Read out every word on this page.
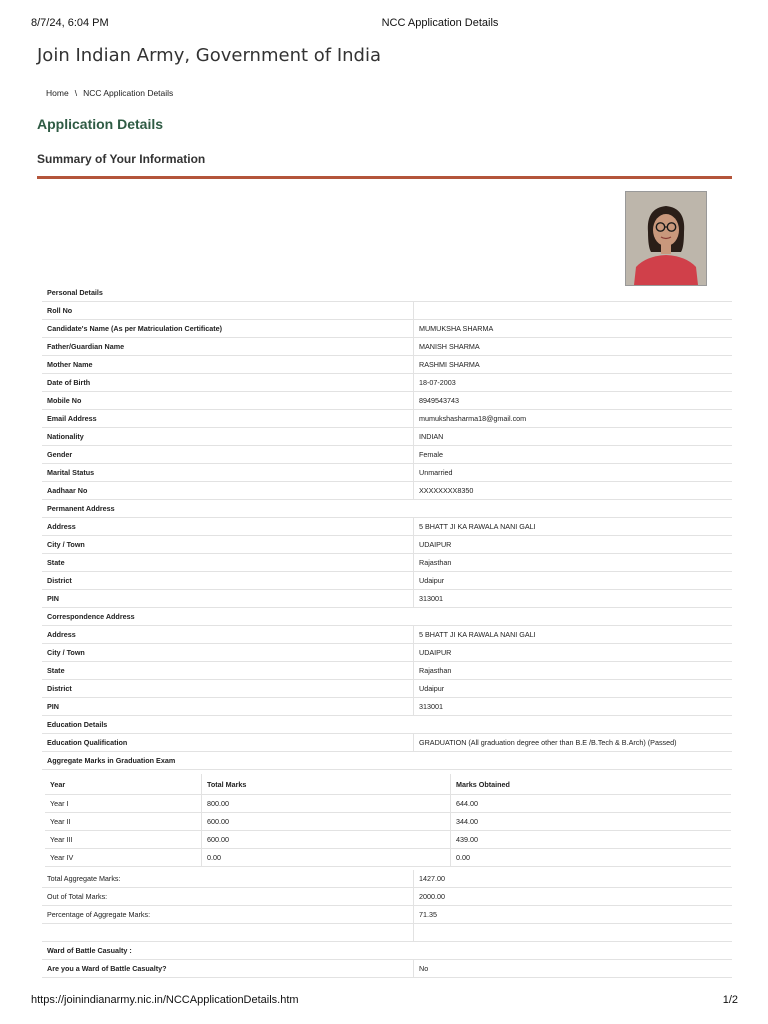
8/7/24, 6:04 PM	NCC Application Details
Join Indian Army, Government of India
Home \ NCC Application Details
Application Details
Summary of Your Information
Personal Details	
Roll No	
Candidate's Name (As per Matriculation Certificate)	MUMUKSHA SHARMA
Father/Guardian Name	MANISH SHARMA
Mother Name	RASHMI SHARMA
Date of Birth	18-07-2003
Mobile No	8949543743
Email Address	mumukshasharma18@gmail.com
Nationality	INDIAN
Gender	Female
Marital Status	Unmarried
Aadhaar No	XXXXXXXX8350
Permanent Address	
Address	5 BHATT JI KA RAWALA NANI GALI
City / Town	UDAIPUR
State	Rajasthan
District	Udaipur
PIN	313001
Correspondence Address	
Address	5 BHATT JI KA RAWALA NANI GALI
City / Town	UDAIPUR
State	Rajasthan
District	Udaipur
PIN	313001
Education Details	
Education Qualification	GRADUATION (All graduation degree other than B.E /B.Tech & B.Arch) (Passed)
Aggregate Marks in Graduation Exam	
Year	Total Marks	Marks Obtained
Year I	800.00	644.00
Year II	600.00	344.00
Year III	600.00	439.00
Year IV	0.00	0.00
Total Aggregate Marks:	1427.00
Out of Total Marks:	2000.00
Percentage of Aggregate Marks:	71.35

Ward of Battle Casualty :	
Are you a Ward of Battle Casualty?	No
https://joinindianarmy.nic.in/NCCApplicationDetails.htm	1/2
